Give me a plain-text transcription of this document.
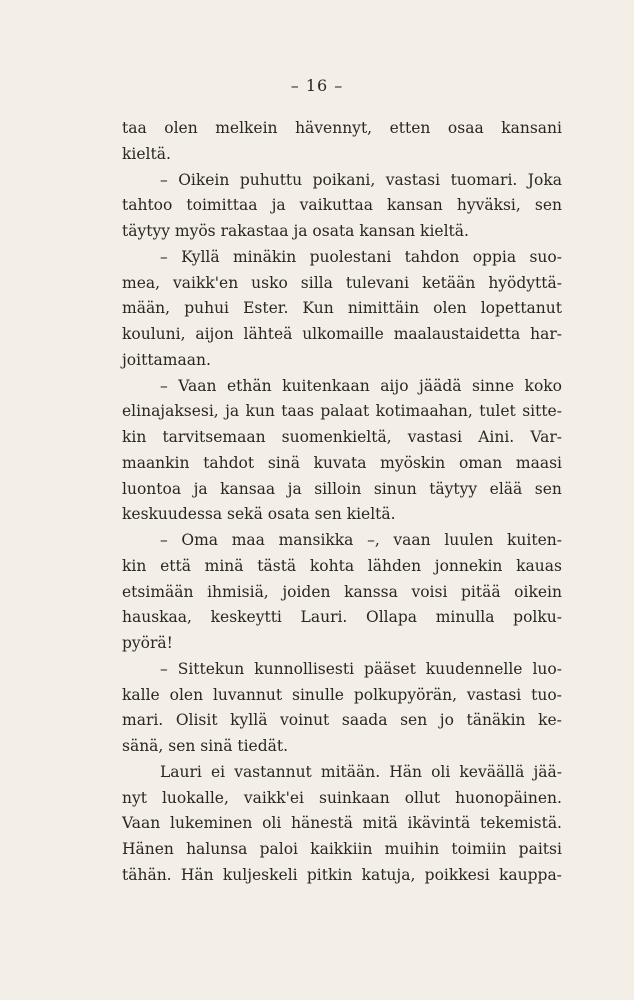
– 16 –
taa olen melkein hävennyt, etten osaa kansani
kieltä.
– Oikein puhuttu poikani, vastasi tuomari. Joka
tahtoo toimittaa ja vaikuttaa kansan hyväksi, sen
täytyy myös rakastaa ja osata kansan kieltä.
– Kyllä minäkin puolestani tahdon oppia suo-
mea, vaikk'en usko silla tulevani ketään hyödyttä-
mään, puhui Ester. Kun nimittäin olen lopettanut
kouluni, aijon lähteä ulkomaille maalaustaidetta har-
joittamaan.
– Vaan ethän kuitenkaan aijo jäädä sinne koko
elinajaksesi, ja kun taas palaat kotimaahan, tulet sitte-
kin tarvitsemaan suomenkieltä, vastasi Aini. Var-
maankin tahdot sinä kuvata myöskin oman maasi
luontoa ja kansaa ja silloin sinun täytyy elää sen
keskuudessa sekä osata sen kieltä.
– Oma maa mansikka –, vaan luulen kuiten-
kin että minä tästä kohta lähden jonnekin kauas
etsimään ihmisiä, joiden kanssa voisi pitää oikein
hauskaa, keskeytti Lauri. Ollapa minulla polku-
pyörä!
– Sittekun kunnollisesti pääset kuudennelle luo-
kalle olen luvannut sinulle polkupyörän, vastasi tuo-
mari. Olisit kyllä voinut saada sen jo tänäkin ke-
sänä, sen sinä tiedät.
Lauri ei vastannut mitään. Hän oli keväällä jää-
nyt luokalle, vaikk'ei suinkaan ollut huonopäinen.
Vaan lukeminen oli hänestä mitä ikävintä tekemistä.
Hänen halunsa paloi kaikkiin muihin toimiin paitsi
tähän. Hän kuljeskeli pitkin katuja, poikkesi kauppa-
